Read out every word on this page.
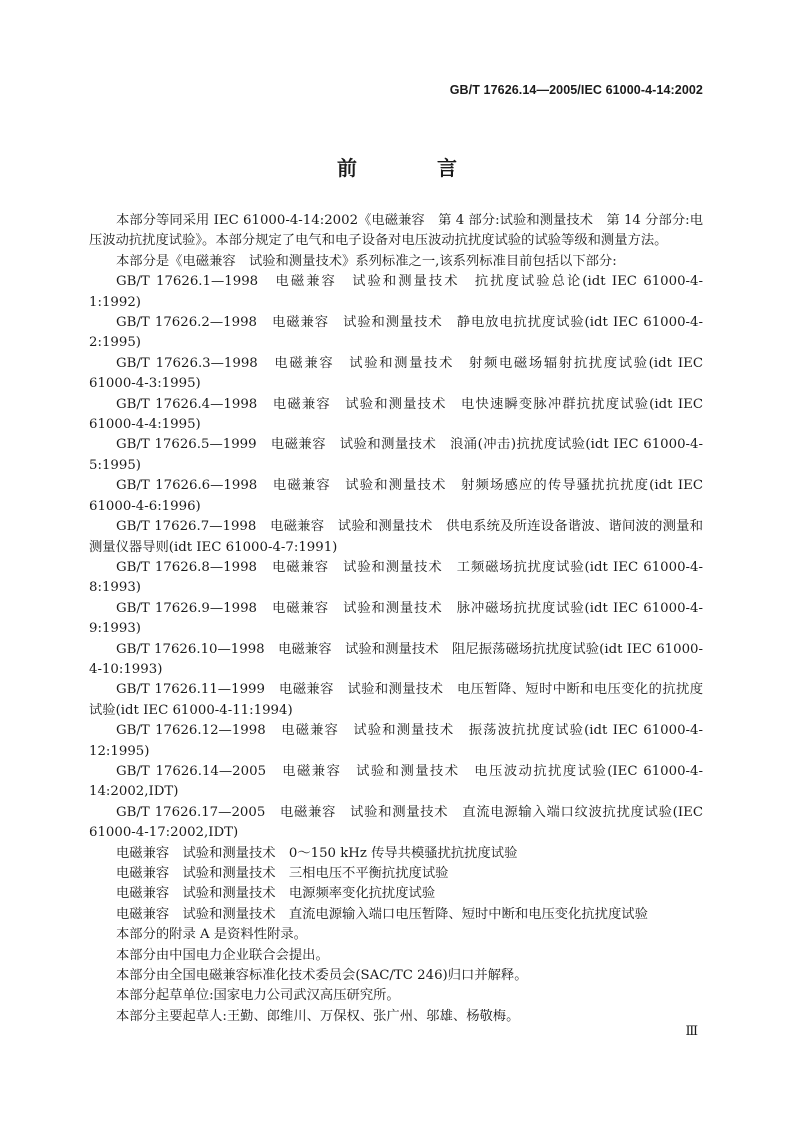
GB/T 17626.14—2005/IEC 61000-4-14:2002
前　言

本部分等同采用 IEC 61000-4-14:2002《电磁兼容　第 4 部分:试验和测量技术　第 14 分部分:电压波动抗扰度试验》。本部分规定了电气和电子设备对电压波动抗扰度试验的试验等级和测量方法。

本部分是《电磁兼容　试验和测量技术》系列标准之一,该系列标准目前包括以下部分:

GB/T 17626.1—1998　电磁兼容　试验和测量技术　抗扰度试验总论(idt IEC 61000-4-1:1992)

GB/T 17626.2—1998　电磁兼容　试验和测量技术　静电放电抗扰度试验(idt IEC 61000-4-2:1995)

GB/T 17626.3—1998　电磁兼容　试验和测量技术　射频电磁场辐射抗扰度试验(idt IEC 61000-4-3:1995)

GB/T 17626.4—1998　电磁兼容　试验和测量技术　电快速瞬变脉冲群抗扰度试验(idt IEC 61000-4-4:1995)

GB/T 17626.5—1999　电磁兼容　试验和测量技术　浪涌(冲击)抗扰度试验(idt IEC 61000-4-5:1995)

GB/T 17626.6—1998　电磁兼容　试验和测量技术　射频场感应的传导骚扰抗扰度(idt IEC 61000-4-6:1996)

GB/T 17626.7—1998　电磁兼容　试验和测量技术　供电系统及所连设备谐波、谐间波的测量和测量仪器导则(idt IEC 61000-4-7:1991)

GB/T 17626.8—1998　电磁兼容　试验和测量技术　工频磁场抗扰度试验(idt IEC 61000-4-8:1993)

GB/T 17626.9—1998　电磁兼容　试验和测量技术　脉冲磁场抗扰度试验(idt IEC 61000-4-9:1993)

GB/T 17626.10—1998　电磁兼容　试验和测量技术　阻尼振荡磁场抗扰度试验(idt IEC 61000-4-10:1993)

GB/T 17626.11—1999　电磁兼容　试验和测量技术　电压暂降、短时中断和电压变化的抗扰度试验(idt IEC 61000-4-11:1994)

GB/T 17626.12—1998　电磁兼容　试验和测量技术　振荡波抗扰度试验(idt IEC 61000-4-12:1995)

GB/T 17626.14—2005　电磁兼容　试验和测量技术　电压波动抗扰度试验(IEC 61000-4-14:2002,IDT)

GB/T 17626.17—2005　电磁兼容　试验和测量技术　直流电源输入端口纹波抗扰度试验(IEC 61000-4-17:2002,IDT)

电磁兼容　试验和测量技术　0～150 kHz 传导共模骚扰抗扰度试验

电磁兼容　试验和测量技术　三相电压不平衡抗扰度试验

电磁兼容　试验和测量技术　电源频率变化抗扰度试验

电磁兼容　试验和测量技术　直流电源输入端口电压暂降、短时中断和电压变化抗扰度试验

本部分的附录 A 是资料性附录。

本部分由中国电力企业联合会提出。

本部分由全国电磁兼容标准化技术委员会(SAC/TC 246)归口并解释。

本部分起草单位:国家电力公司武汉高压研究所。

本部分主要起草人:王勤、郎维川、万保权、张广州、邬雄、杨敬梅。

Ⅲ
